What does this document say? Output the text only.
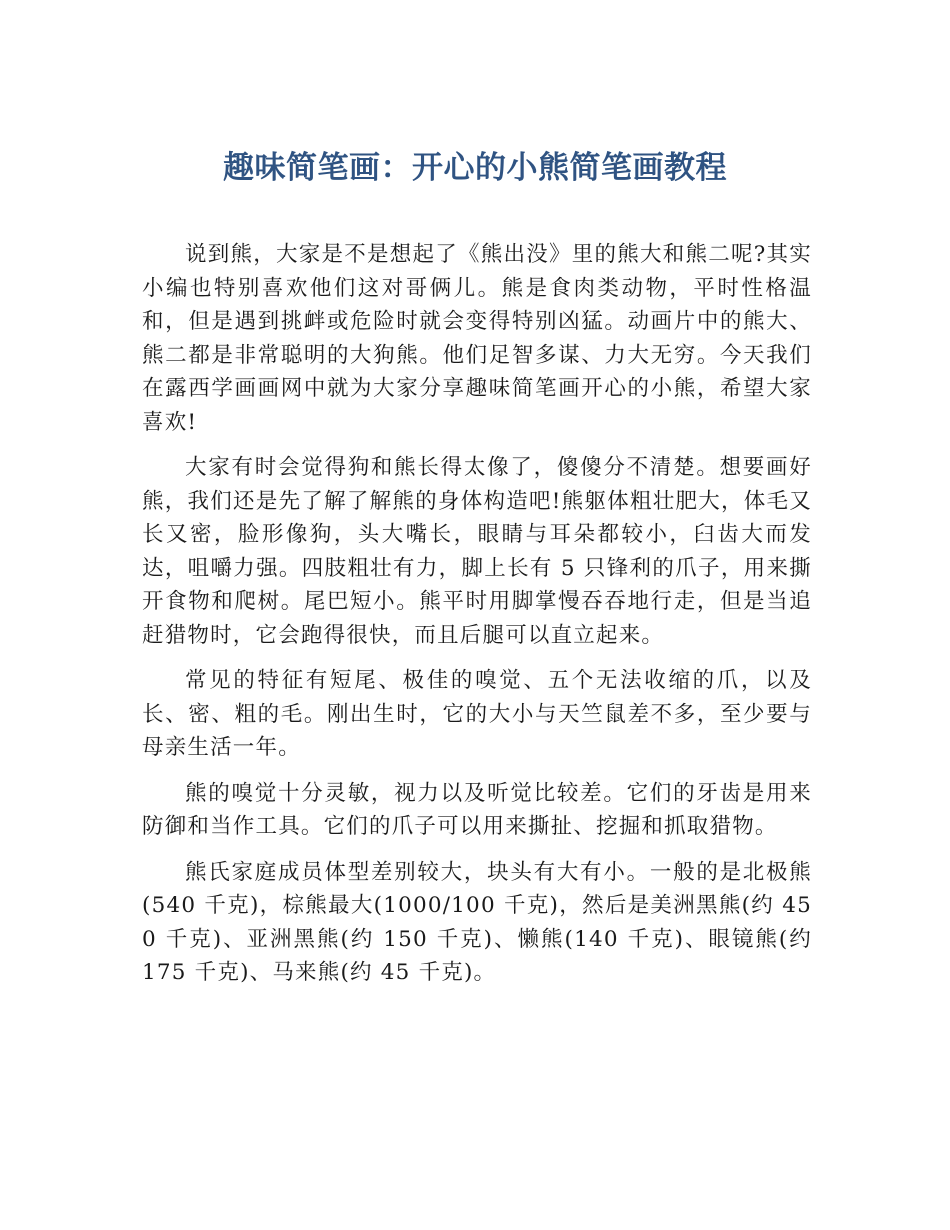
趣味简笔画：开心的小熊简笔画教程

说到熊，大家是不是想起了《熊出没》里的熊大和熊二呢?其实小编也特别喜欢他们这对哥俩儿。熊是食肉类动物，平时性格温和，但是遇到挑衅或危险时就会变得特别凶猛。动画片中的熊大、熊二都是非常聪明的大狗熊。他们足智多谋、力大无穷。今天我们在露西学画画网中就为大家分享趣味简笔画开心的小熊，希望大家喜欢!

大家有时会觉得狗和熊长得太像了，傻傻分不清楚。想要画好熊，我们还是先了解了解熊的身体构造吧!熊躯体粗壮肥大，体毛又长又密，脸形像狗，头大嘴长，眼睛与耳朵都较小，臼齿大而发达，咀嚼力强。四肢粗壮有力，脚上长有 5 只锋利的爪子，用来撕开食物和爬树。尾巴短小。熊平时用脚掌慢吞吞地行走，但是当追赶猎物时，它会跑得很快，而且后腿可以直立起来。

常见的特征有短尾、极佳的嗅觉、五个无法收缩的爪，以及长、密、粗的毛。刚出生时，它的大小与天竺鼠差不多，至少要与母亲生活一年。

熊的嗅觉十分灵敏，视力以及听觉比较差。它们的牙齿是用来防御和当作工具。它们的爪子可以用来撕扯、挖掘和抓取猎物。

熊氏家庭成员体型差别较大，块头有大有小。一般的是北极熊(540 千克)，棕熊最大(1000/100 千克)，然后是美洲黑熊(约 450 千克)、亚洲黑熊(约 150 千克)、懒熊(140 千克)、眼镜熊(约 175 千克)、马来熊(约 45 千克)。
